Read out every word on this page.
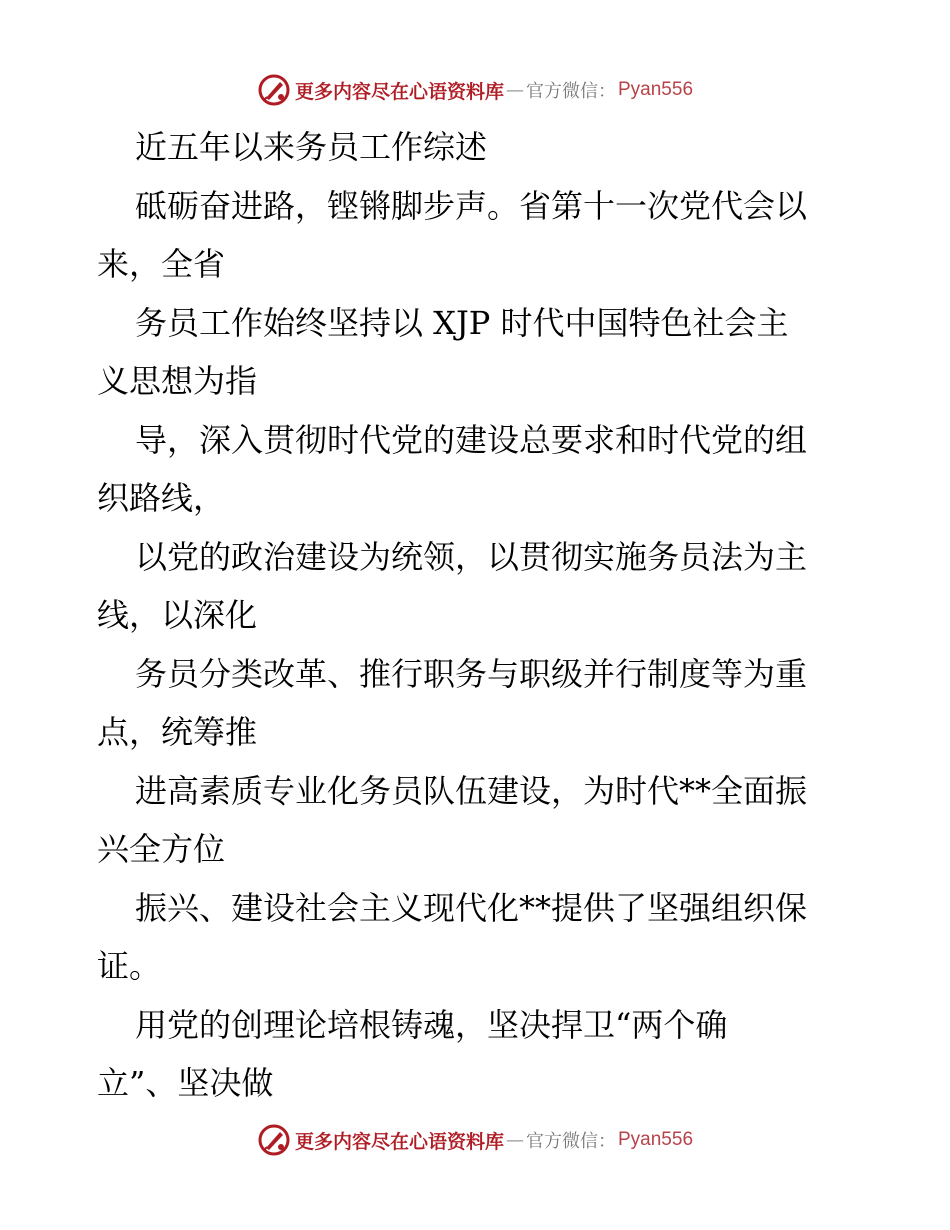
更多内容尽在心语资料库 — 官方微信： Pyan556
近五年以来务员工作综述
砥砺奋进路，铿锵脚步声。省第十一次党代会以
来，全省
务员工作始终坚持以 XJP 时代中国特色社会主
义思想为指
导，深入贯彻时代党的建设总要求和时代党的组
织路线，
以党的政治建设为统领，以贯彻实施务员法为主
线，以深化
务员分类改革、推行职务与职级并行制度等为重
点，统筹推
进高素质专业化务员队伍建设，为时代**全面振
兴全方位
振兴、建设社会主义现代化**提供了坚强组织保
证。
用党的创理论培根铸魂，坚决捍卫“两个确
立”、坚决做
更多内容尽在心语资料库 — 官方微信： Pyan556
